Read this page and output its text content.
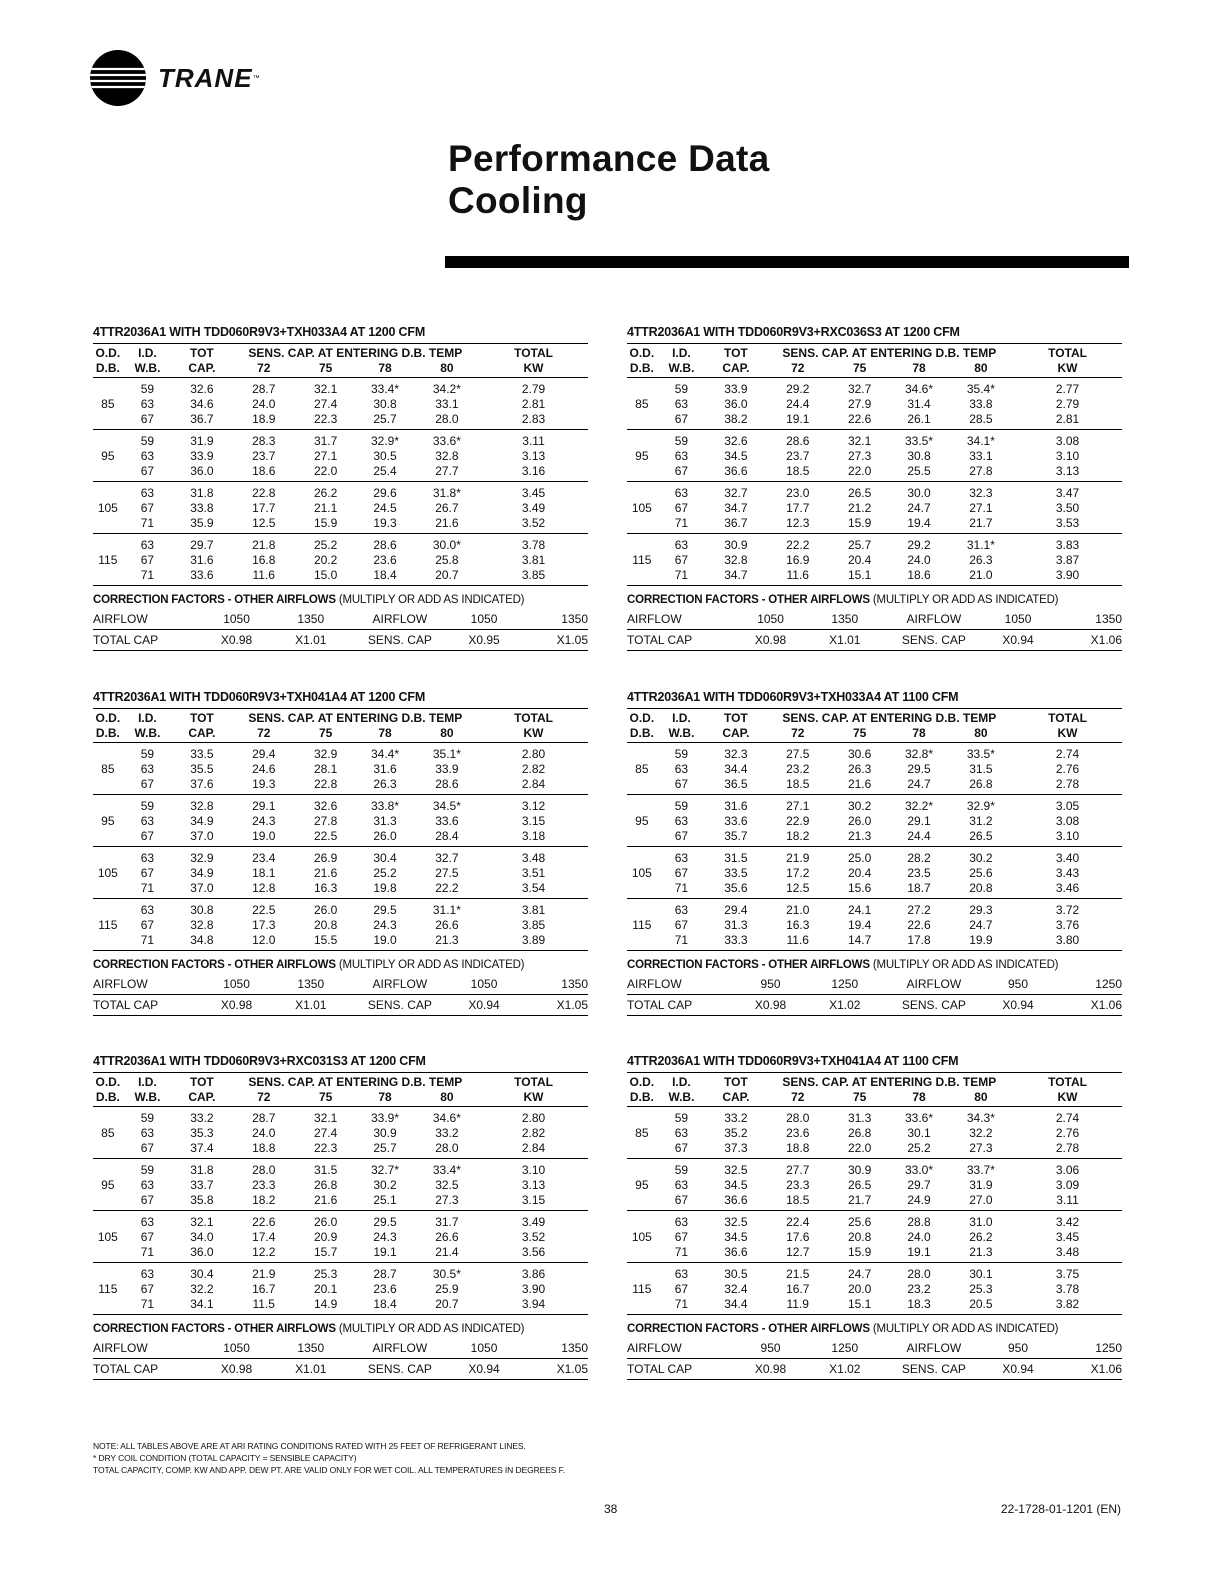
TRANE ™
Performance Data
Cooling
4TTR2036A1 WITH TDD060R9V3+TXH033A4 AT 1200 CFM
O.D.	I.D.	TOT	SENS. CAP. AT ENTERING D.B. TEMP				TOTAL
D.B.	W.B.	CAP.	72	75	78	80	KW
	59	32.6	28.7	32.1	33.4*	34.2*	2.79
85	63	34.6	24.0	27.4	30.8	33.1	2.81
	67	36.7	18.9	22.3	25.7	28.0	2.83
	59	31.9	28.3	31.7	32.9*	33.6*	3.11
95	63	33.9	23.7	27.1	30.5	32.8	3.13
	67	36.0	18.6	22.0	25.4	27.7	3.16
	63	31.8	22.8	26.2	29.6	31.8*	3.45
105	67	33.8	17.7	21.1	24.5	26.7	3.49
	71	35.9	12.5	15.9	19.3	21.6	3.52
	63	29.7	21.8	25.2	28.6	30.0*	3.78
115	67	31.6	16.8	20.2	23.6	25.8	3.81
	71	33.6	11.6	15.0	18.4	20.7	3.85
CORRECTION FACTORS - OTHER AIRFLOWS (MULTIPLY OR ADD AS INDICATED)
AIRFLOW	1050	1350	AIRFLOW	1050	1350
TOTAL CAP	X0.98	X1.01	SENS. CAP	X0.95	X1.05
4TTR2036A1 WITH TDD060R9V3+RXC036S3 AT 1200 CFM
O.D.	I.D.	TOT	SENS. CAP. AT ENTERING D.B. TEMP				TOTAL
D.B.	W.B.	CAP.	72	75	78	80	KW
	59	33.9	29.2	32.7	34.6*	35.4*	2.77
85	63	36.0	24.4	27.9	31.4	33.8	2.79
	67	38.2	19.1	22.6	26.1	28.5	2.81
	59	32.6	28.6	32.1	33.5*	34.1*	3.08
95	63	34.5	23.7	27.3	30.8	33.1	3.10
	67	36.6	18.5	22.0	25.5	27.8	3.13
	63	32.7	23.0	26.5	30.0	32.3	3.47
105	67	34.7	17.7	21.2	24.7	27.1	3.50
	71	36.7	12.3	15.9	19.4	21.7	3.53
	63	30.9	22.2	25.7	29.2	31.1*	3.83
115	67	32.8	16.9	20.4	24.0	26.3	3.87
	71	34.7	11.6	15.1	18.6	21.0	3.90
CORRECTION FACTORS - OTHER AIRFLOWS (MULTIPLY OR ADD AS INDICATED)
AIRFLOW	1050	1350	AIRFLOW	1050	1350
TOTAL CAP	X0.98	X1.01	SENS. CAP	X0.94	X1.06
4TTR2036A1 WITH TDD060R9V3+TXH041A4 AT 1200 CFM
O.D.	I.D.	TOT	SENS. CAP. AT ENTERING D.B. TEMP				TOTAL
D.B.	W.B.	CAP.	72	75	78	80	KW
	59	33.5	29.4	32.9	34.4*	35.1*	2.80
85	63	35.5	24.6	28.1	31.6	33.9	2.82
	67	37.6	19.3	22.8	26.3	28.6	2.84
	59	32.8	29.1	32.6	33.8*	34.5*	3.12
95	63	34.9	24.3	27.8	31.3	33.6	3.15
	67	37.0	19.0	22.5	26.0	28.4	3.18
	63	32.9	23.4	26.9	30.4	32.7	3.48
105	67	34.9	18.1	21.6	25.2	27.5	3.51
	71	37.0	12.8	16.3	19.8	22.2	3.54
	63	30.8	22.5	26.0	29.5	31.1*	3.81
115	67	32.8	17.3	20.8	24.3	26.6	3.85
	71	34.8	12.0	15.5	19.0	21.3	3.89
CORRECTION FACTORS - OTHER AIRFLOWS (MULTIPLY OR ADD AS INDICATED)
AIRFLOW	1050	1350	AIRFLOW	1050	1350
TOTAL CAP	X0.98	X1.01	SENS. CAP	X0.94	X1.05
4TTR2036A1 WITH TDD060R9V3+TXH033A4 AT 1100 CFM
O.D.	I.D.	TOT	SENS. CAP. AT ENTERING D.B. TEMP				TOTAL
D.B.	W.B.	CAP.	72	75	78	80	KW
	59	32.3	27.5	30.6	32.8*	33.5*	2.74
85	63	34.4	23.2	26.3	29.5	31.5	2.76
	67	36.5	18.5	21.6	24.7	26.8	2.78
	59	31.6	27.1	30.2	32.2*	32.9*	3.05
95	63	33.6	22.9	26.0	29.1	31.2	3.08
	67	35.7	18.2	21.3	24.4	26.5	3.10
	63	31.5	21.9	25.0	28.2	30.2	3.40
105	67	33.5	17.2	20.4	23.5	25.6	3.43
	71	35.6	12.5	15.6	18.7	20.8	3.46
	63	29.4	21.0	24.1	27.2	29.3	3.72
115	67	31.3	16.3	19.4	22.6	24.7	3.76
	71	33.3	11.6	14.7	17.8	19.9	3.80
CORRECTION FACTORS - OTHER AIRFLOWS (MULTIPLY OR ADD AS INDICATED)
AIRFLOW	950	1250	AIRFLOW	950	1250
TOTAL CAP	X0.98	X1.02	SENS. CAP	X0.94	X1.06
4TTR2036A1 WITH TDD060R9V3+RXC031S3 AT 1200 CFM
O.D.	I.D.	TOT	SENS. CAP. AT ENTERING D.B. TEMP				TOTAL
D.B.	W.B.	CAP.	72	75	78	80	KW
	59	33.2	28.7	32.1	33.9*	34.6*	2.80
85	63	35.3	24.0	27.4	30.9	33.2	2.82
	67	37.4	18.8	22.3	25.7	28.0	2.84
	59	31.8	28.0	31.5	32.7*	33.4*	3.10
95	63	33.7	23.3	26.8	30.2	32.5	3.13
	67	35.8	18.2	21.6	25.1	27.3	3.15
	63	32.1	22.6	26.0	29.5	31.7	3.49
105	67	34.0	17.4	20.9	24.3	26.6	3.52
	71	36.0	12.2	15.7	19.1	21.4	3.56
	63	30.4	21.9	25.3	28.7	30.5*	3.86
115	67	32.2	16.7	20.1	23.6	25.9	3.90
	71	34.1	11.5	14.9	18.4	20.7	3.94
CORRECTION FACTORS - OTHER AIRFLOWS (MULTIPLY OR ADD AS INDICATED)
AIRFLOW	1050	1350	AIRFLOW	1050	1350
TOTAL CAP	X0.98	X1.01	SENS. CAP	X0.94	X1.05
4TTR2036A1 WITH TDD060R9V3+TXH041A4 AT 1100 CFM
O.D.	I.D.	TOT	SENS. CAP. AT ENTERING D.B. TEMP				TOTAL
D.B.	W.B.	CAP.	72	75	78	80	KW
	59	33.2	28.0	31.3	33.6*	34.3*	2.74
85	63	35.2	23.6	26.8	30.1	32.2	2.76
	67	37.3	18.8	22.0	25.2	27.3	2.78
	59	32.5	27.7	30.9	33.0*	33.7*	3.06
95	63	34.5	23.3	26.5	29.7	31.9	3.09
	67	36.6	18.5	21.7	24.9	27.0	3.11
	63	32.5	22.4	25.6	28.8	31.0	3.42
105	67	34.5	17.6	20.8	24.0	26.2	3.45
	71	36.6	12.7	15.9	19.1	21.3	3.48
	63	30.5	21.5	24.7	28.0	30.1	3.75
115	67	32.4	16.7	20.0	23.2	25.3	3.78
	71	34.4	11.9	15.1	18.3	20.5	3.82
CORRECTION FACTORS - OTHER AIRFLOWS (MULTIPLY OR ADD AS INDICATED)
AIRFLOW	950	1250	AIRFLOW	950	1250
TOTAL CAP	X0.98	X1.02	SENS. CAP	X0.94	X1.06
NOTE: ALL TABLES ABOVE ARE AT ARI RATING CONDITIONS RATED WITH 25 FEET OF REFRIGERANT LINES.
* DRY COIL CONDITION (TOTAL CAPACITY = SENSIBLE CAPACITY)
TOTAL CAPACITY, COMP. KW AND APP. DEW PT. ARE VALID ONLY FOR WET COIL. ALL TEMPERATURES IN DEGREES F.
38	22-1728-01-1201 (EN)
